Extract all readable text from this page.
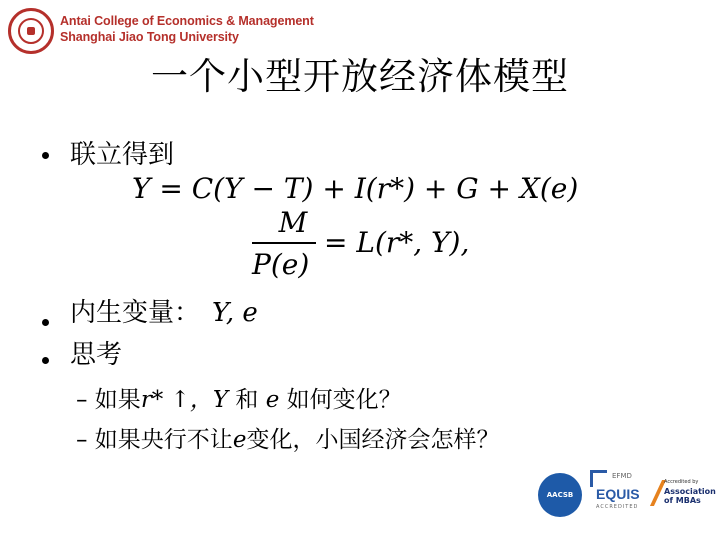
Antai College of Economics & Management
Shanghai Jiao Tong University
一个小型开放经济体模型
联立得到
Y = C(Y − T) + I(r*) + G + X(e)
M
P(e)
= L(r*, Y),
内生变量： Y, e
思考
– 如果r* ↑，Y 和 e 如何变化？
– 如果央行不让e变化，小国经济会怎样？
AACSB
EFMD
EQUIS
ACCREDITED
Accredited by
Association
of MBAs
